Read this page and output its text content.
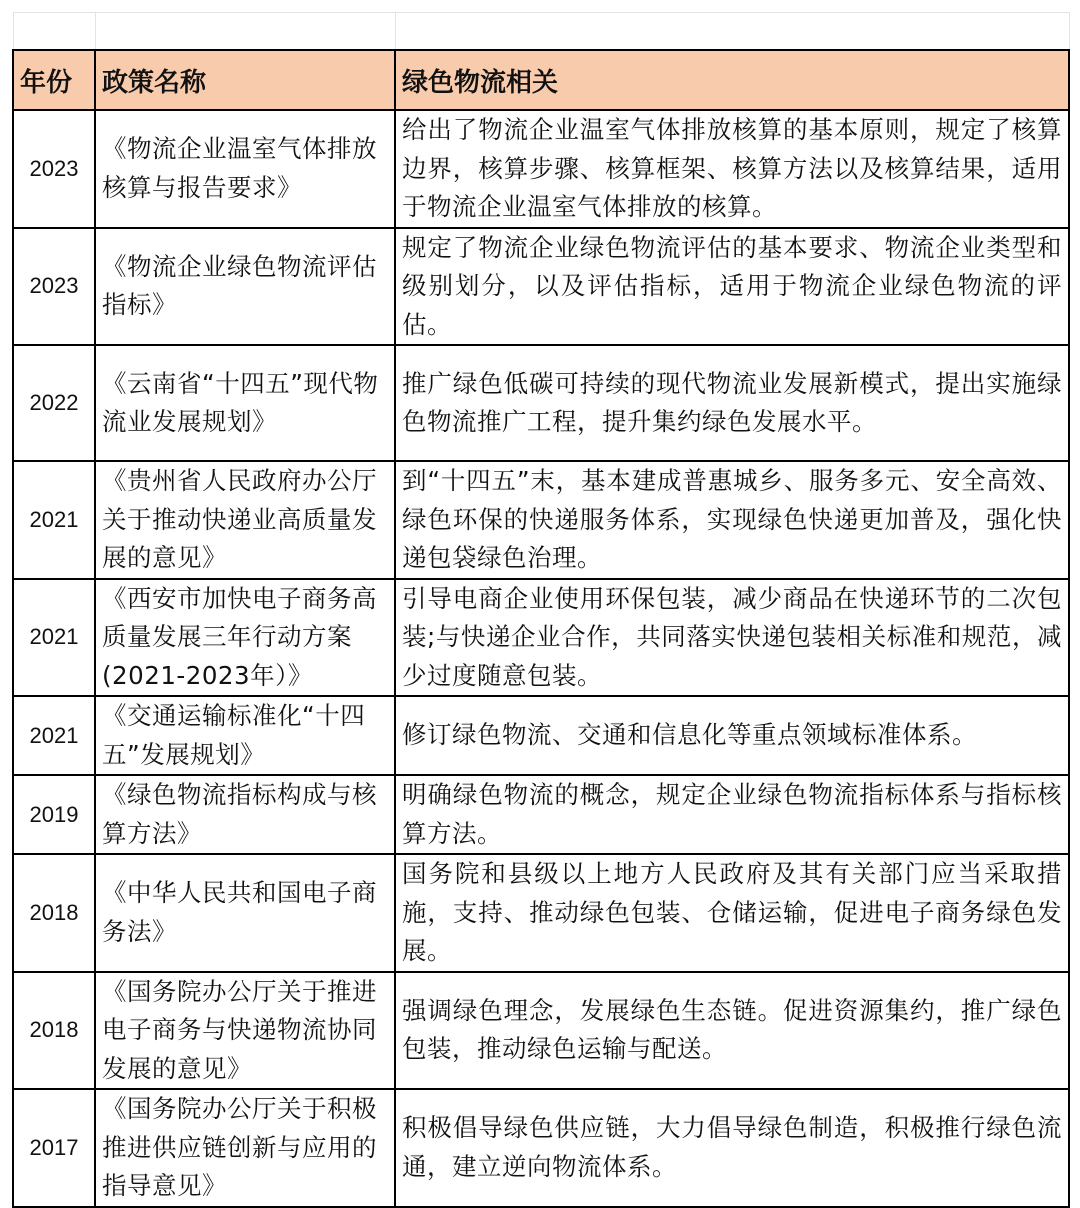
年份	政策名称	绿色物流相关
2023	《物流企业温室气体排放核算与报告要求》	给出了物流企业温室气体排放核算的基本原则，规定了核算边界，核算步骤、核算框架、核算方法以及核算结果，适用于物流企业温室气体排放的核算。
2023	《物流企业绿色物流评估指标》	规定了物流企业绿色物流评估的基本要求、物流企业类型和级别划分，以及评估指标，适用于物流企业绿色物流的评估。
2022	《云南省“十四五”现代物流业发展规划》	推广绿色低碳可持续的现代物流业发展新模式，提出实施绿色物流推广工程，提升集约绿色发展水平。
2021	《贵州省人民政府办公厅关于推动快递业高质量发展的意见》	到“十四五”末，基本建成普惠城乡、服务多元、安全高效、绿色环保的快递服务体系，实现绿色快递更加普及，强化快递包袋绿色治理。
2021	《西安市加快电子商务高质量发展三年行动方案(2021-2023年）》	引导电商企业使用环保包装，减少商品在快递环节的二次包装;与快递企业合作，共同落实快递包装相关标准和规范，减少过度随意包装。
2021	《交通运输标准化“十四五”发展规划》	修订绿色物流、交通和信息化等重点领域标准体系。
2019	《绿色物流指标构成与核算方法》	明确绿色物流的概念，规定企业绿色物流指标体系与指标核算方法。
2018	《中华人民共和国电子商务法》	国务院和县级以上地方人民政府及其有关部门应当采取措施，支持、推动绿色包装、仓储运输，促进电子商务绿色发展。
2018	《国务院办公厅关于推进电子商务与快递物流协同发展的意见》	强调绿色理念，发展绿色生态链。促进资源集约，推广绿色包装，推动绿色运输与配送。
2017	《国务院办公厅关于积极推进供应链创新与应用的指导意见》	积极倡导绿色供应链，大力倡导绿色制造，积极推行绿色流通，建立逆向物流体系。
